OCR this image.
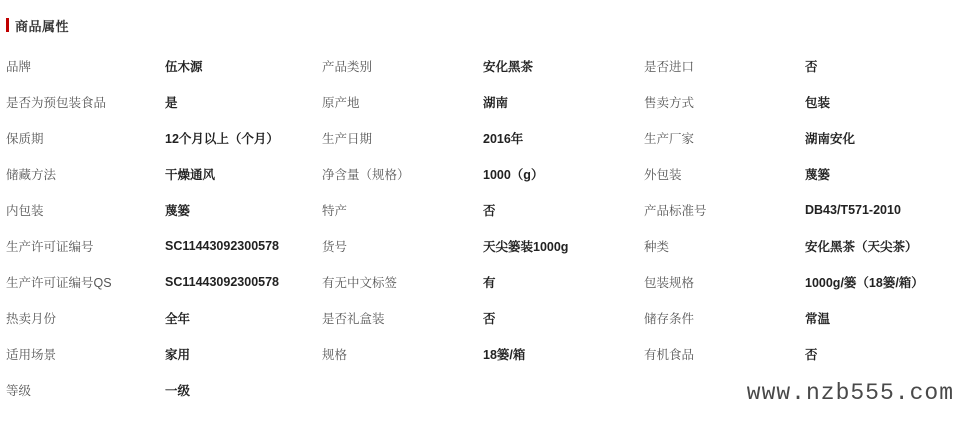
商品属性
品牌	伍木源	产品类别	安化黑茶	是否进口	否
是否为预包装食品	是	原产地	湖南	售卖方式	包装
保质期	12个月以上（个月）	生产日期	2016年	生产厂家	湖南安化
储藏方法	干燥通风	净含量（规格）	1000（g）	外包装	蔑篓
内包装	蔑篓	特产	否	产品标准号	DB43/T571-2010
生产许可证编号	SC11443092300578	货号	天尖篓装1000g	种类	安化黑茶（天尖茶）
生产许可证编号QS	SC11443092300578	有无中文标签	有	包装规格	1000g/篓（18篓/箱）
热卖月份	全年	是否礼盒装	否	储存条件	常温
适用场景	家用	规格	18篓/箱	有机食品	否
等级	一级					www.nzb555.com
